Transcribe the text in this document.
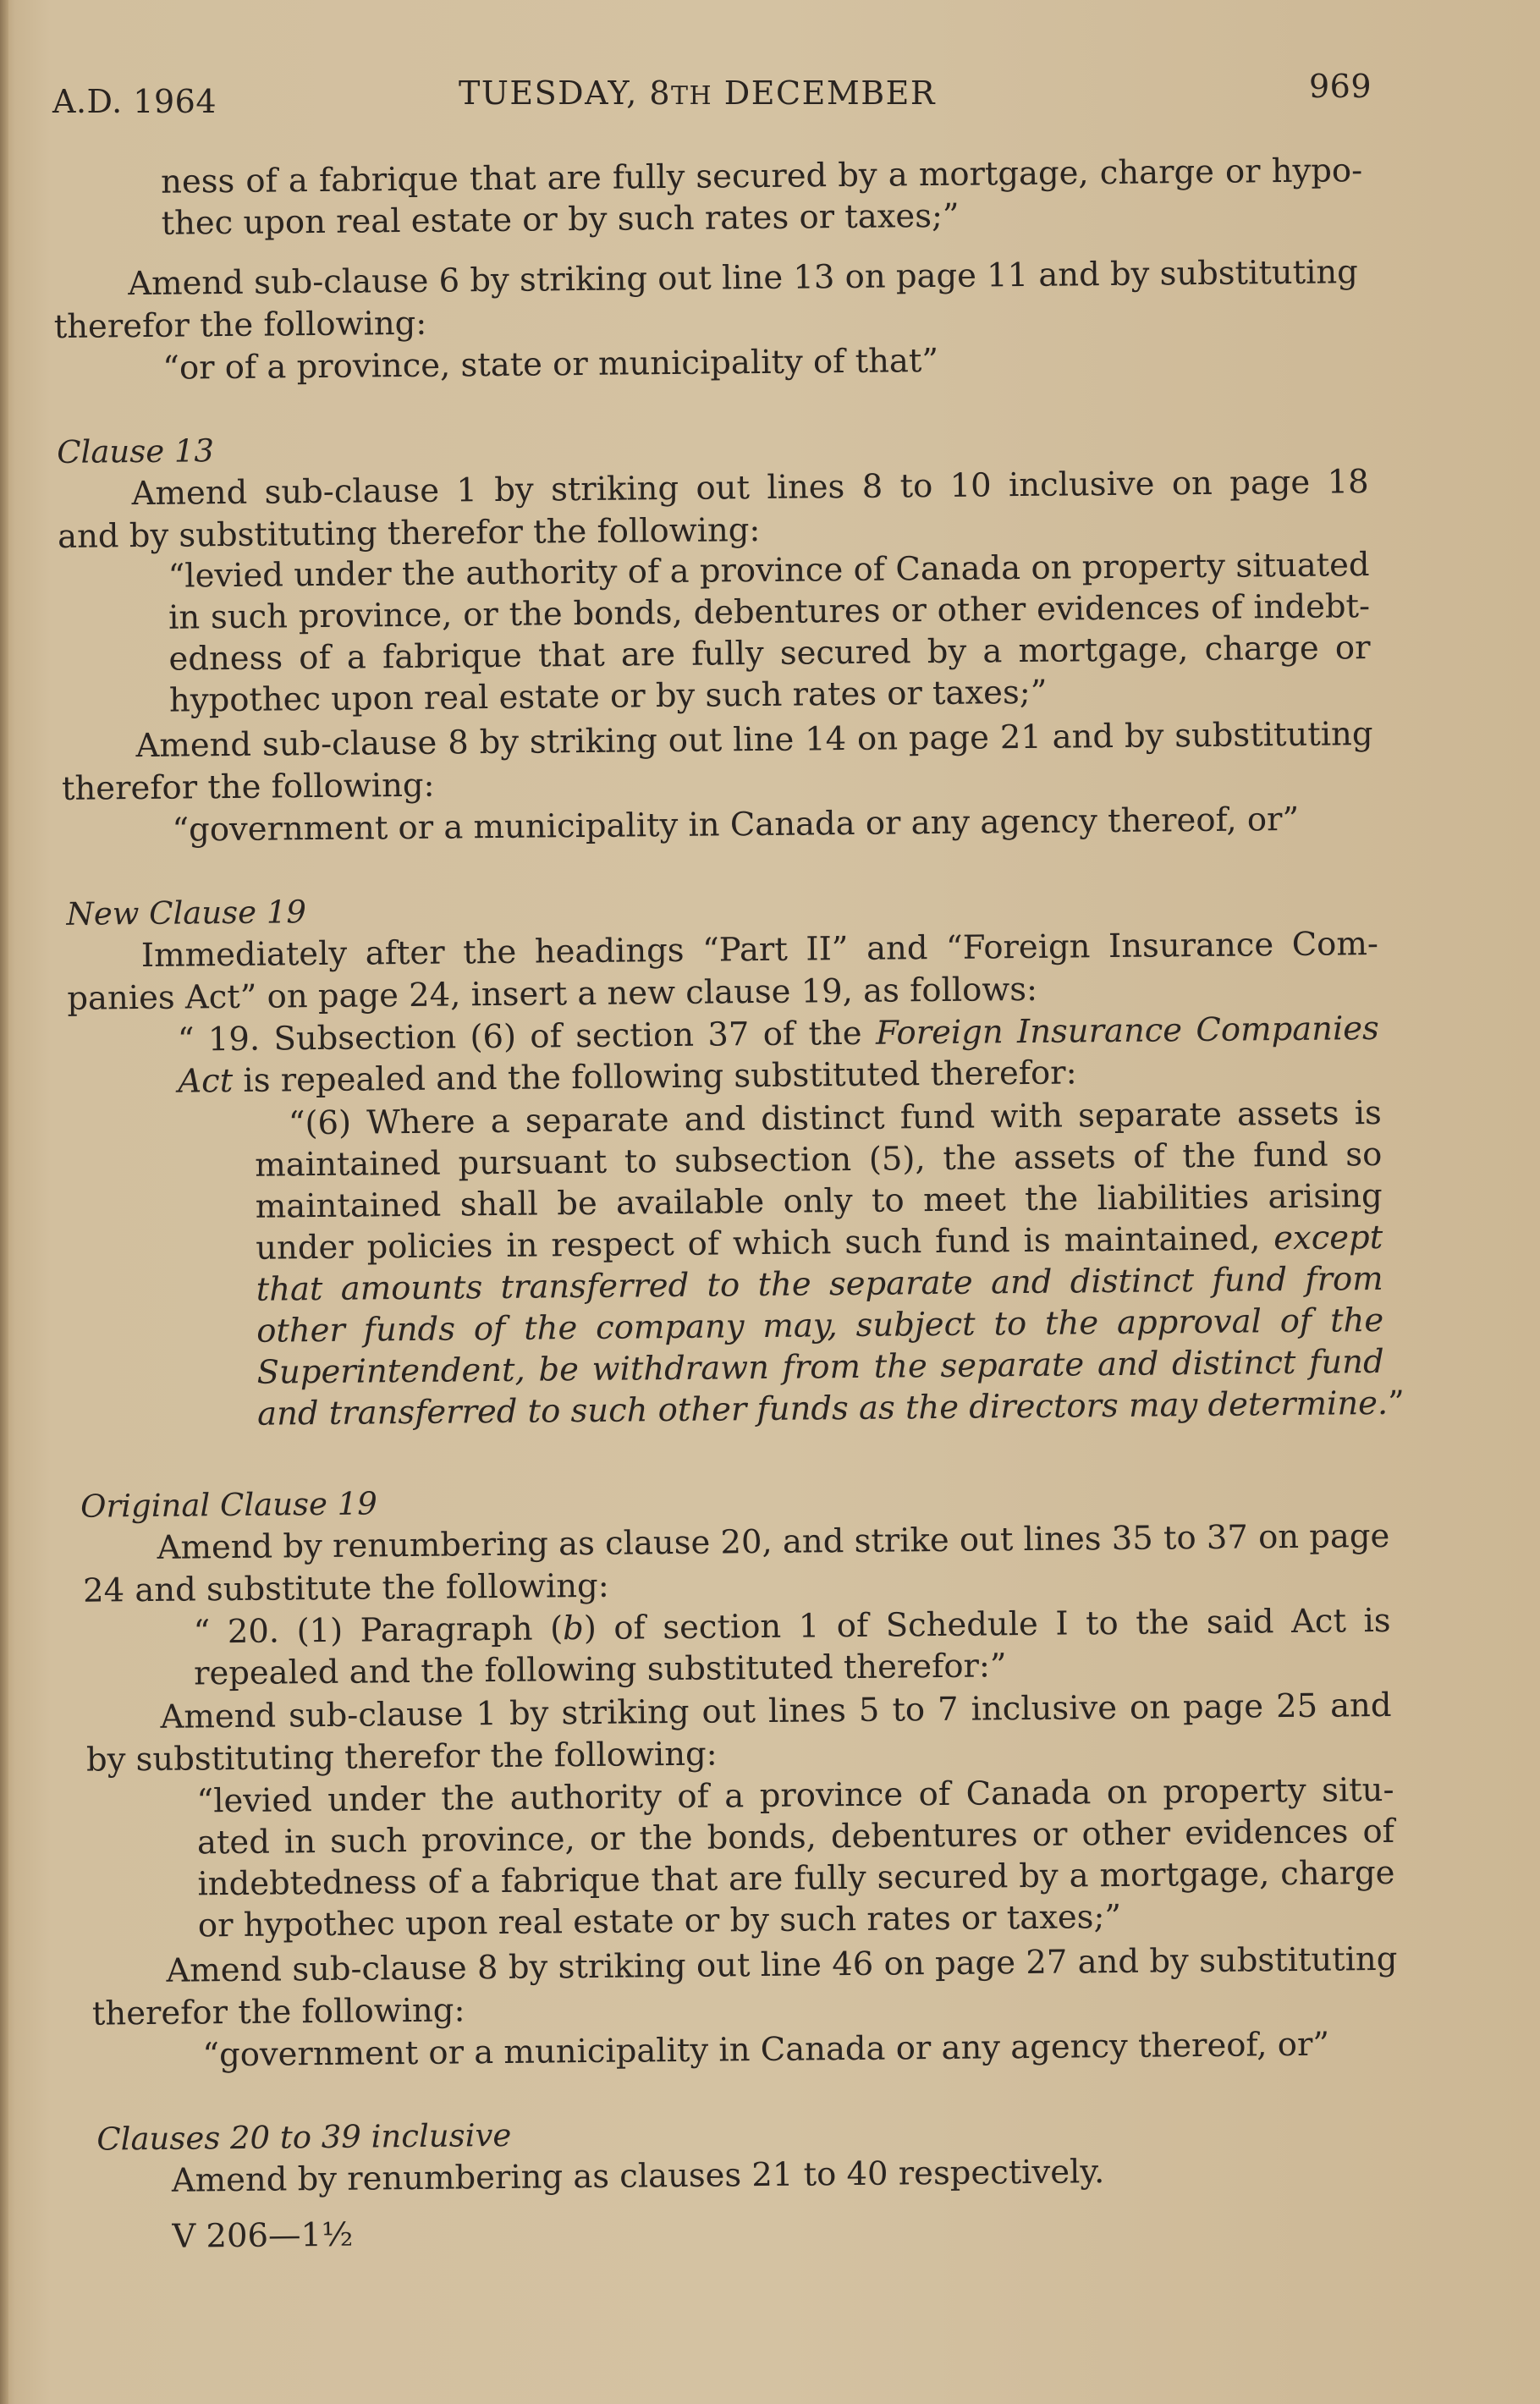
A.D. 1964	TUESDAY, 8TH DECEMBER	969
ness of a fabrique that are fully secured by a mortgage, charge or hypo-
thec upon real estate or by such rates or taxes;”

Amend sub-clause 6 by striking out line 13 on page 11 and by substituting

therefor the following:

“or of a province, state or municipality of that”

Clause 13

Amend sub-clause 1 by striking out lines 8 to 10 inclusive on page 18

and by substituting therefor the following:

“levied under the authority of a province of Canada on property situated
in such province, or the bonds, debentures or other evidences of indebt-
edness of a fabrique that are fully secured by a mortgage, charge or
hypothec upon real estate or by such rates or taxes;”
Amend sub-clause 8 by striking out line 14 on page 21 and by substituting

therefor the following:

“government or a municipality in Canada or any agency thereof, or”

New Clause 19

Immediately after the headings “Part II” and “Foreign Insurance Com-

panies Act” on page 24, insert a new clause 19, as follows:

“ 19. Subsection (6) of section 37 of the Foreign Insurance Companies
Act is repealed and the following substituted therefor:
“(6) Where a separate and distinct fund with separate assets is
maintained pursuant to subsection (5), the assets of the fund so
maintained shall be available only to meet the liabilities arising
under policies in respect of which such fund is maintained, except
that amounts transferred to the separate and distinct fund from
other funds of the company may, subject to the approval of the
Superintendent, be withdrawn from the separate and distinct fund
and transferred to such other funds as the directors may determine.”

Original Clause 19

Amend by renumbering as clause 20, and strike out lines 35 to 37 on page

24 and substitute the following:

“ 20. (1) Paragraph (b) of section 1 of Schedule I to the said Act is
repealed and the following substituted therefor:”
Amend sub-clause 1 by striking out lines 5 to 7 inclusive on page 25 and

by substituting therefor the following:

“levied under the authority of a province of Canada on property situ-
ated in such province, or the bonds, debentures or other evidences of
indebtedness of a fabrique that are fully secured by a mortgage, charge
or hypothec upon real estate or by such rates or taxes;”
Amend sub-clause 8 by striking out line 46 on page 27 and by substituting

therefor the following:

“government or a municipality in Canada or any agency thereof, or”

Clauses 20 to 39 inclusive

Amend by renumbering as clauses 21 to 40 respectively.

V 206—1½
